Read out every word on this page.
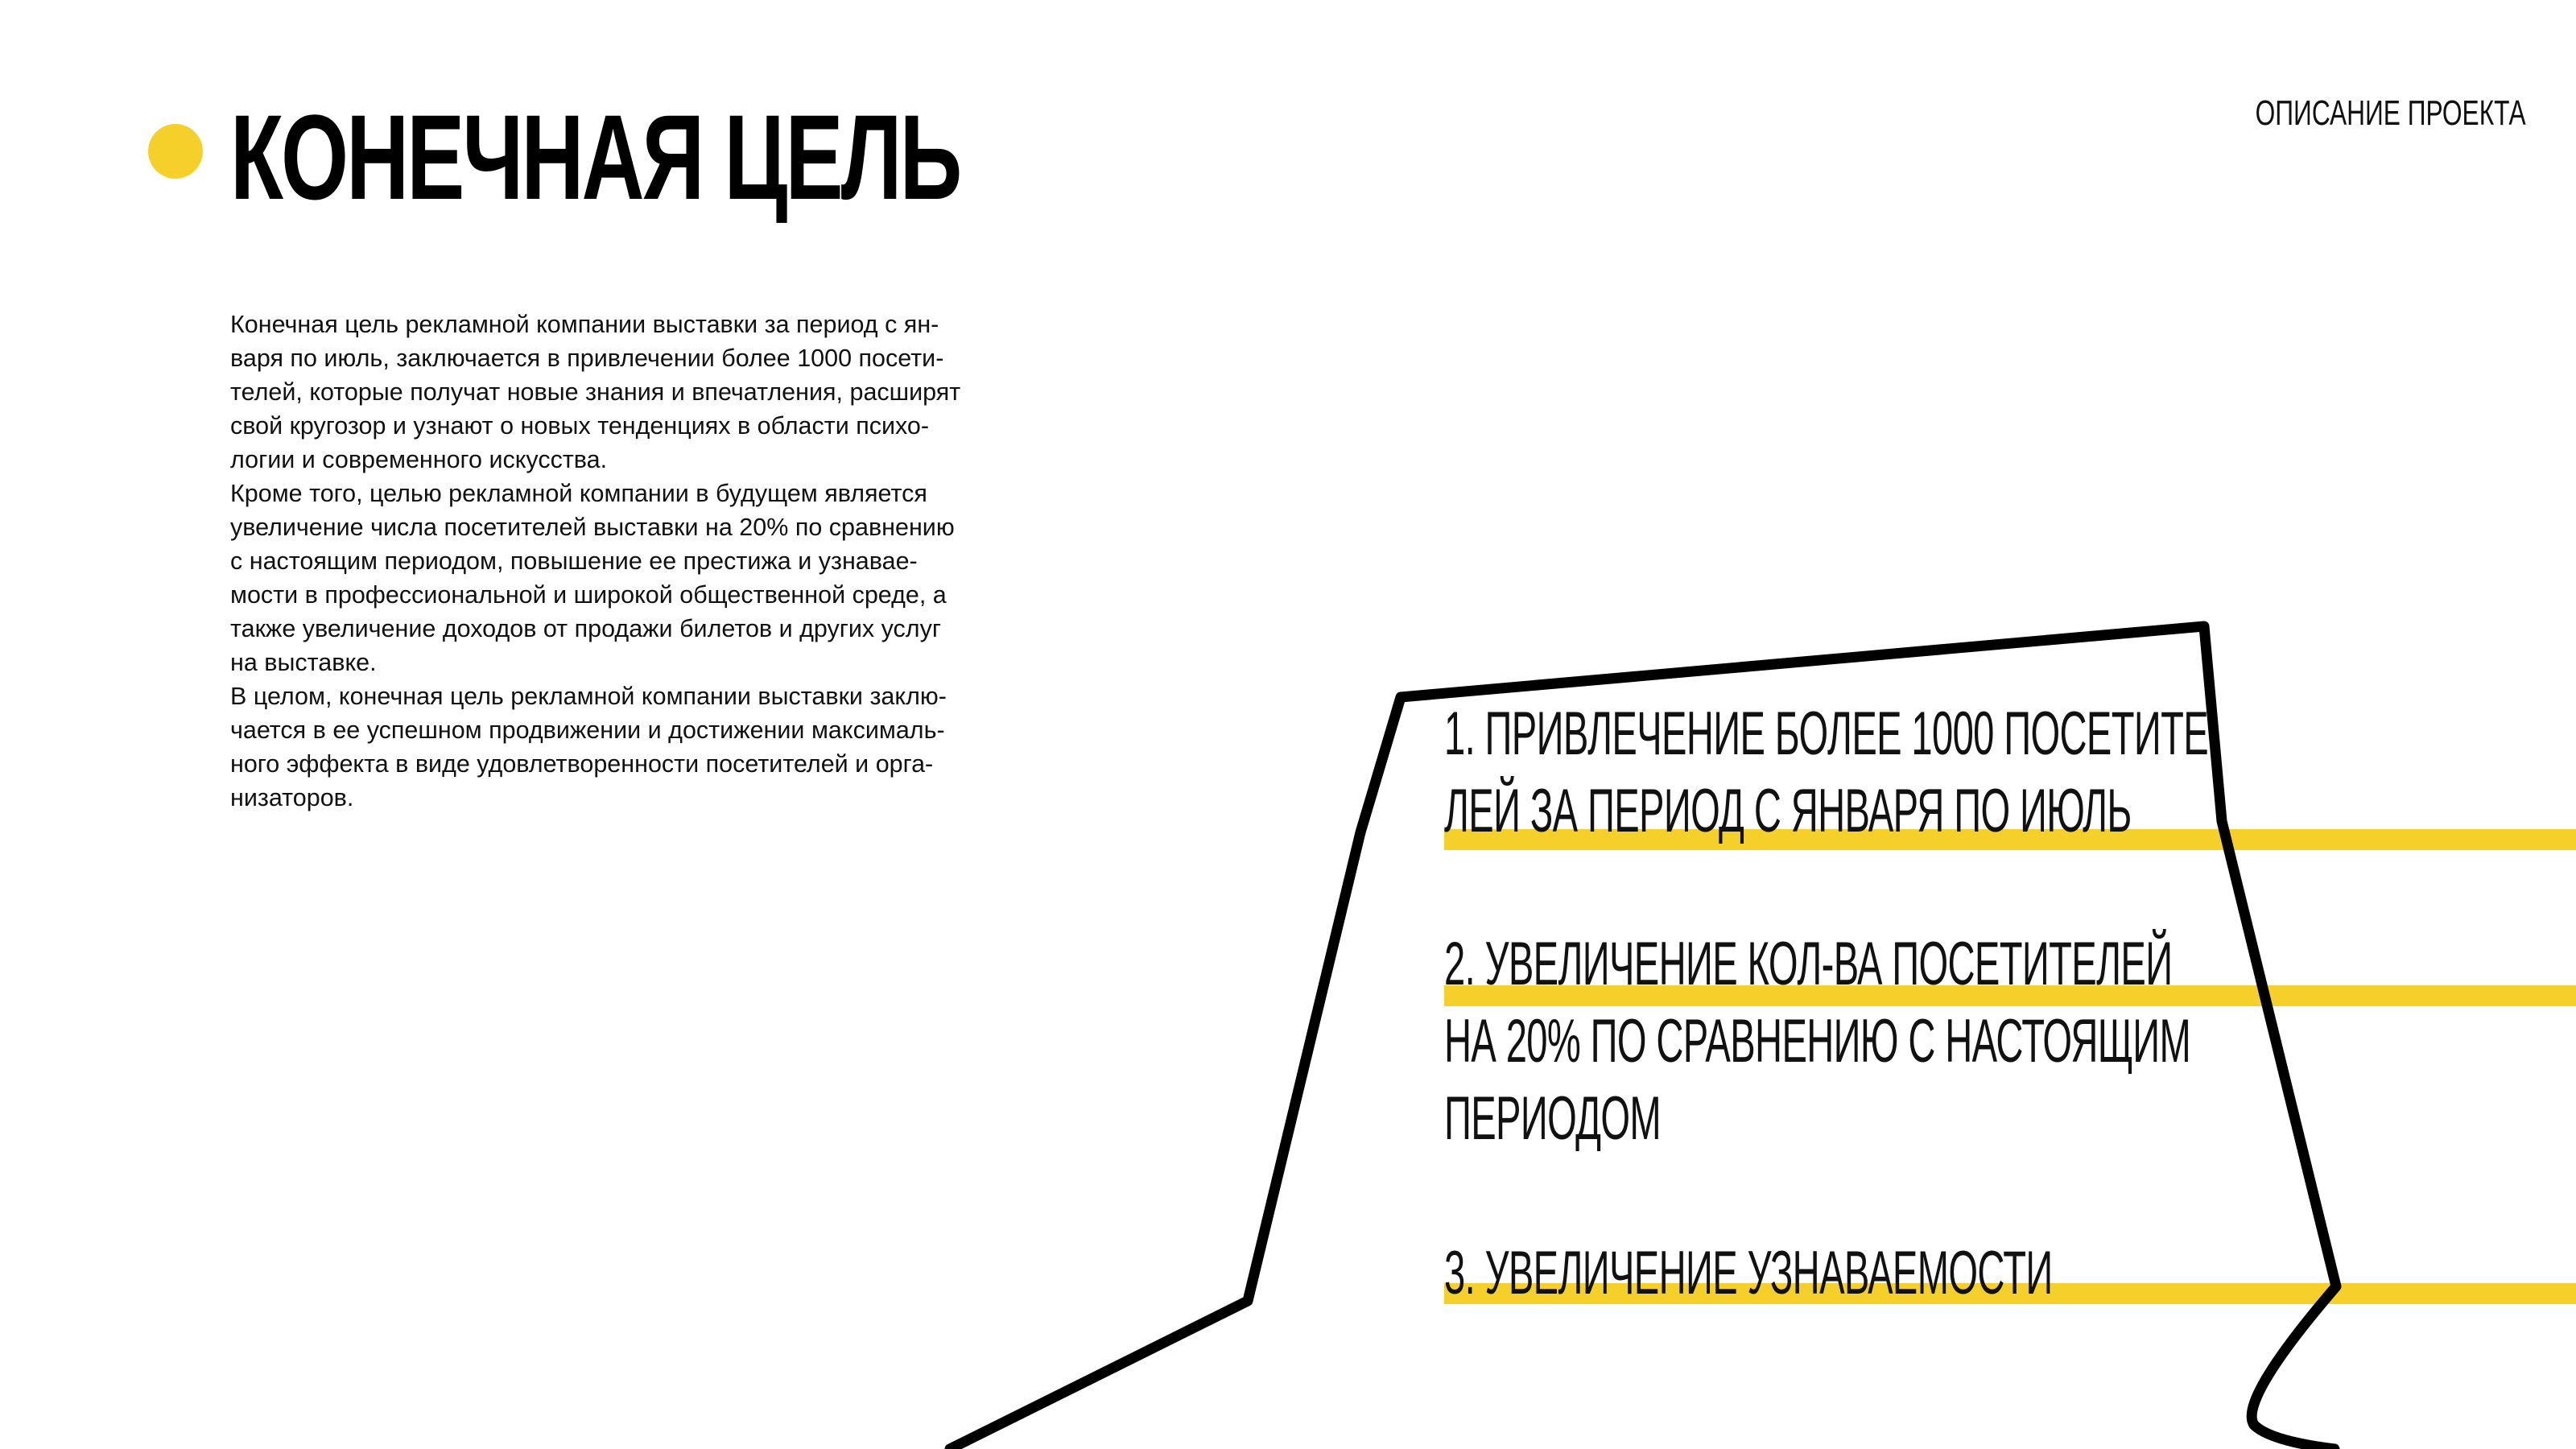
КОНЕЧНАЯ ЦЕЛЬ	ОПИСАНИЕ ПРОЕКТА

Конечная цель рекламной компании выставки за период с ян-
варя по июль, заключается в привлечении более 1000 посети-
телей, которые получат новые знания и впечатления, расширят
свой кругозор и узнают о новых тенденциях в области психо-
логии и современного искусства.

Кроме того, целью рекламной компании в будущем является
увеличение числа посетителей выставки на 20% по сравнению
с настоящим периодом, повышение ее престижа и узнавае-
мости в профессиональной и широкой общественной среде, а
также увеличение доходов от продажи билетов и других услуг
на выставке.

В целом, конечная цель рекламной компании выставки заклю-
чается в ее успешном продвижении и достижении максималь-
ного эффекта в виде удовлетворенности посетителей и орга-
низаторов.

1. ПРИВЛЕЧЕНИЕ БОЛЕЕ 1000 ПОСЕТИТЕ-
ЛЕЙ ЗА ПЕРИОД С ЯНВАРЯ ПО ИЮЛЬ
2. УВЕЛИЧЕНИЕ КОЛ-ВА ПОСЕТИТЕЛЕЙ
НА 20% ПО СРАВНЕНИЮ С НАСТОЯЩИМ
ПЕРИОДОМ
3. УВЕЛИЧЕНИЕ УЗНАВАЕМОСТИ
